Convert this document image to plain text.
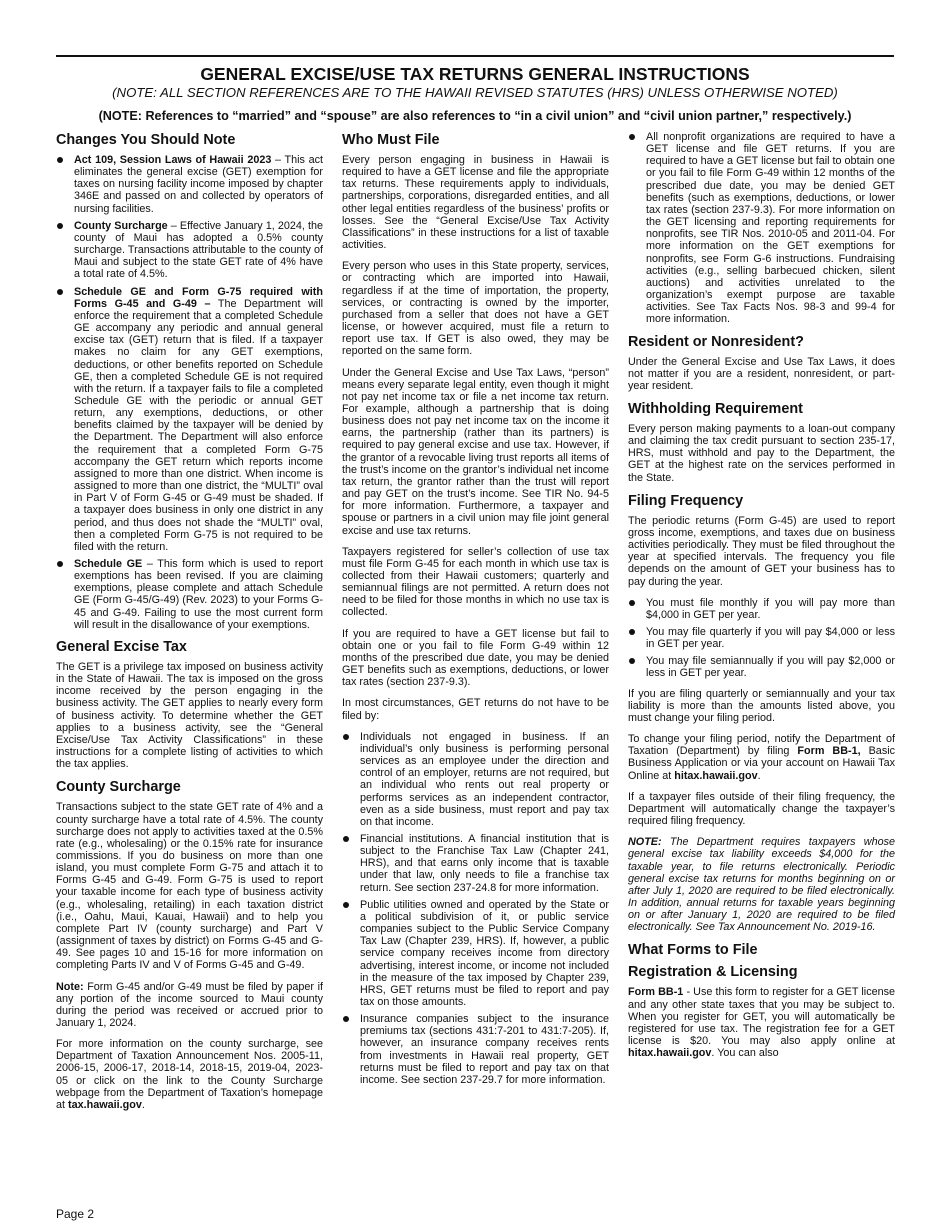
GENERAL EXCISE/USE TAX RETURNS GENERAL INSTRUCTIONS
(NOTE: ALL SECTION REFERENCES ARE TO THE HAWAII REVISED STATUTES (HRS) UNLESS OTHERWISE NOTED)
(NOTE: References to “married” and “spouse” are also references to “in a civil union” and “civil union partner,” respectively.)
Changes You Should Note
Act 109, Session Laws of Hawaii 2023 – This act eliminates the general excise (GET) exemption for taxes on nursing facility income imposed by chapter 346E and passed on and collected by operators of nursing facilities.
County Surcharge – Effective January 1, 2024, the county of Maui has adopted a 0.5% county surcharge. Transactions attributable to the county of Maui and subject to the state GET rate of 4% have a total rate of 4.5%.
Schedule GE and Form G-75 required with Forms G-45 and G-49 – The Department will enforce the requirement that a completed Schedule GE accompany any periodic and annual general excise tax (GET) return that is filed. If a taxpayer makes no claim for any GET exemptions, deductions, or other benefits reported on Schedule GE, then a completed Schedule GE is not required with the return. If a taxpayer fails to file a completed Schedule GE with the periodic or annual GET return, any exemptions, deductions, or other benefits claimed by the taxpayer will be denied by the Department. The Department will also enforce the requirement that a completed Form G-75 accompany the GET return which reports income assigned to more than one district. When income is assigned to more than one district, the “MULTI” oval in Part V of Form G-45 or G-49 must be shaded. If a taxpayer does business in only one district in any period, and thus does not shade the “MULTI” oval, then a completed Form G-75 is not required to be filed with the return.
Schedule GE – This form which is used to report exemptions has been revised. If you are claiming exemptions, please complete and attach Schedule GE (Form G-45/G-49) (Rev. 2023) to your Forms G-45 and G-49. Failing to use the most current form will result in the disallowance of your exemptions.
General Excise Tax

The GET is a privilege tax imposed on business activity in the State of Hawaii. The tax is imposed on the gross income received by the person engaging in the business activity. The GET applies to nearly every form of business activity. To determine whether the GET applies to a business activity, see the “General Excise/Use Tax Activity Classifications” in these instructions for a complete listing of activities to which the tax applies.

County Surcharge

Transactions subject to the state GET rate of 4% and a county surcharge have a total rate of 4.5%. The county surcharge does not apply to activities taxed at the 0.5% rate (e.g., wholesaling) or the 0.15% rate for insurance commissions. If you do business on more than one island, you must complete Form G-75 and attach it to Forms G-45 and G-49. Form G-75 is used to report your taxable income for each type of business activity (e.g., wholesaling, retailing) in each taxation district (i.e., Oahu, Maui, Kauai, Hawaii) and to help you complete Part IV (county surcharge) and Part V (assignment of taxes by district) on Forms G-45 and G-49. See pages 10 and 15-16 for more information on completing Parts IV and V of Forms G-45 and G-49.

Note: Form G-45 and/or G-49 must be filed by paper if any portion of the income sourced to Maui county during the period was received or accrued prior to January 1, 2024.

For more information on the county surcharge, see Department of Taxation Announcement Nos. 2005-11, 2006-15, 2006-17, 2018-14, 2018-15, 2019-04, 2023-05 or click on the link to the County Surcharge webpage from the Department of Taxation’s homepage at tax.hawaii.gov.

Who Must File

Every person engaging in business in Hawaii is required to have a GET license and file the appropriate tax returns. These requirements apply to individuals, partnerships, corporations, disregarded entities, and all other legal entities regardless of the business’ profits or losses. See the “General Excise/Use Tax Activity Classifications” in these instructions for a list of taxable activities.

Every person who uses in this State property, services, or contracting which are imported into Hawaii, regardless if at the time of importation, the property, services, or contracting is owned by the importer, purchased from a seller that does not have a GET license, or however acquired, must file a return to report use tax. If GET is also owed, they may be reported on the same form.

Under the General Excise and Use Tax Laws, “person” means every separate legal entity, even though it might not pay net income tax or file a net income tax return. For example, although a partnership that is doing business does not pay net income tax on the income it earns, the partnership (rather than its partners) is required to pay general excise and use tax. However, if the grantor of a revocable living trust reports all items of the trust’s income on the grantor’s individual net income tax return, the grantor rather than the trust will report and pay GET on the trust’s income. See TIR No. 94-5 for more information. Furthermore, a taxpayer and spouse or partners in a civil union may file joint general excise and use tax returns.

Taxpayers registered for seller’s collection of use tax must file Form G-45 for each month in which use tax is collected from their Hawaii customers; quarterly and semiannual filings are not permitted. A return does not need to be filed for those months in which no use tax is collected.

If you are required to have a GET license but fail to obtain one or you fail to file Form G-49 within 12 months of the prescribed due date, you may be denied GET benefits such as exemptions, deductions, or lower tax rates (section 237-9.3).

In most circumstances, GET returns do not have to be filed by:

Individuals not engaged in business. If an individual’s only business is performing personal services as an employee under the direction and control of an employer, returns are not required, but an individual who rents out real property or performs services as an independent contractor, even as a side business, must report and pay tax on that income.
Financial institutions. A financial institution that is subject to the Franchise Tax Law (Chapter 241, HRS), and that earns only income that is taxable under that law, only needs to file a franchise tax return. See section 237-24.8 for more information.
Public utilities owned and operated by the State or a political subdivision of it, or public service companies subject to the Public Service Company Tax Law (Chapter 239, HRS). If, however, a public service company receives income from directory advertising, interest income, or income not included in the measure of the tax imposed by Chapter 239, HRS, GET returns must be filed to report and pay tax on those amounts.
Insurance companies subject to the insurance premiums tax (sections 431:7-201 to 431:7-205). If, however, an insurance company receives rents from investments in Hawaii real property, GET returns must be filed to report and pay tax on that income. See section 237-29.7 for more information.
All nonprofit organizations are required to have a GET license and file GET returns. If you are required to have a GET license but fail to obtain one or you fail to file Form G-49 within 12 months of the prescribed due date, you may be denied GET benefits (such as exemptions, deductions, or lower tax rates (section 237-9.3). For more information on the GET licensing and reporting requirements for nonprofits, see TIR Nos. 2010-05 and 2011-04. For more information on the GET exemptions for nonprofits, see Form G-6 instructions. Fundraising activities (e.g., selling barbecued chicken, silent auctions) and activities unrelated to the organization’s exempt purpose are taxable activities. See Tax Facts Nos. 98-3 and 99-4 for more information.
Resident or Nonresident?

Under the General Excise and Use Tax Laws, it does not matter if you are a resident, nonresident, or part-year resident.

Withholding Requirement

Every person making payments to a loan-out company and claiming the tax credit pursuant to section 235-17, HRS, must withhold and pay to the Department, the GET at the highest rate on the services performed in the State.

Filing Frequency

The periodic returns (Form G-45) are used to report gross income, exemptions, and taxes due on business activities periodically. They must be filed throughout the year at specified intervals. The frequency you file depends on the amount of GET your business has to pay during the year.

You must file monthly if you will pay more than $4,000 in GET per year.
You may file quarterly if you will pay $4,000 or less in GET per year.
You may file semiannually if you will pay $2,000 or less in GET per year.

If you are filing quarterly or semiannually and your tax liability is more than the amounts listed above, you must change your filing period.

To change your filing period, notify the Department of Taxation (Department) by filing Form BB-1, Basic Business Application or via your account on Hawaii Tax Online at hitax.hawaii.gov.

If a taxpayer files outside of their filing frequency, the Department will automatically change the taxpayer’s required filing frequency.

NOTE: The Department requires taxpayers whose general excise tax liability exceeds $4,000 for the taxable year, to file returns electronically. Periodic general excise tax returns for months beginning on or after July 1, 2020 are required to be filed electronically. In addition, annual returns for taxable years beginning on or after January 1, 2020 are required to be filed electronically. See Tax Announcement No. 2019-16.

What Forms to File
Registration & Licensing

Form BB-1 - Use this form to register for a GET license and any other state taxes that you may be subject to. When you register for GET, you will automatically be registered for use tax. The registration fee for a GET license is $20. You may also apply online at hitax.hawaii.gov. You can also

Page 2
